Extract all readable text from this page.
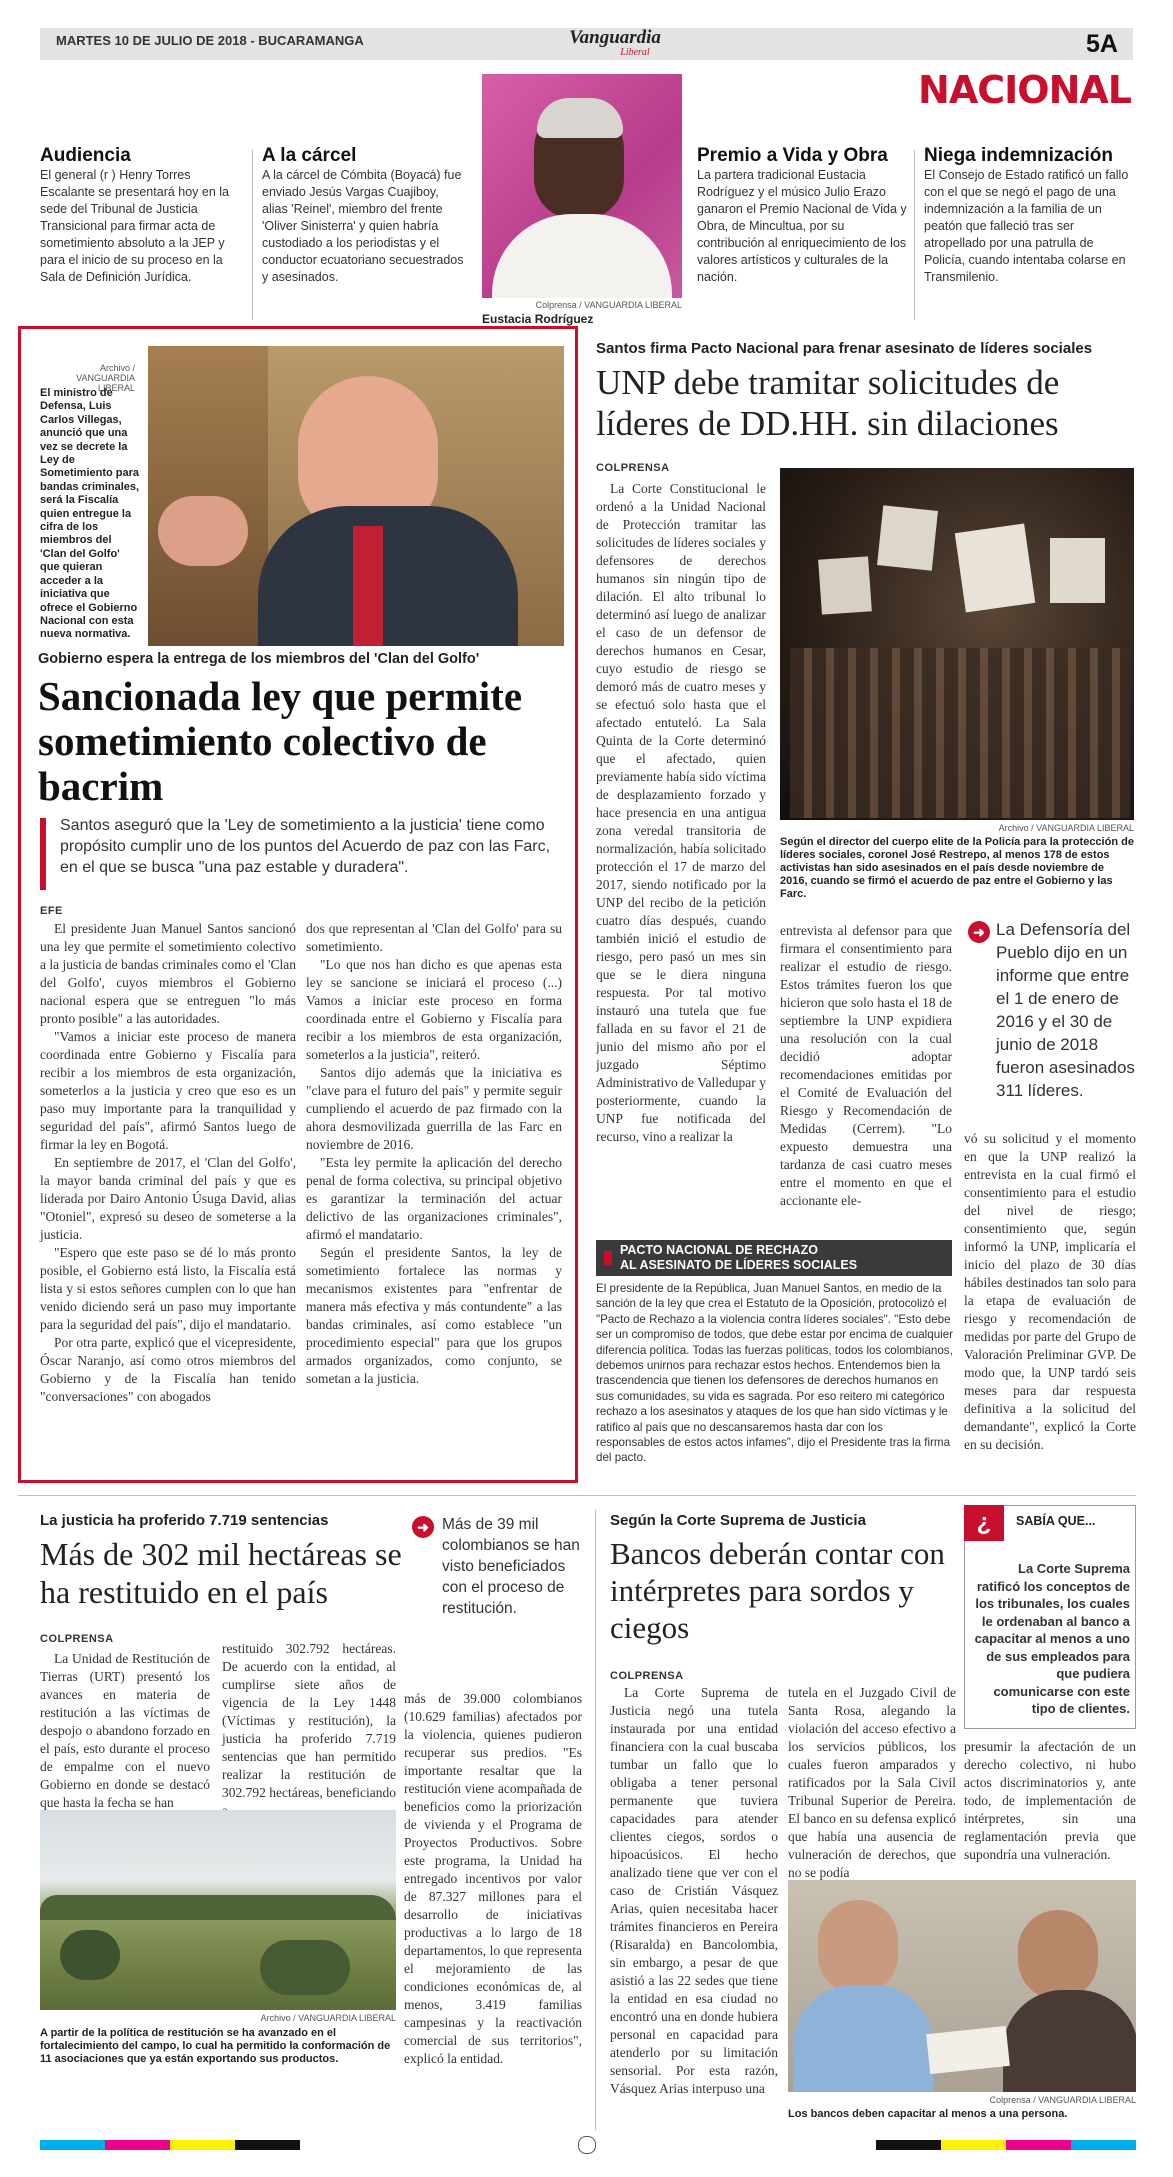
MARTES 10 DE JULIO DE 2018 - BUCARAMANGA	Vanguardia
Liberal	5A
NACIONAL
Audiencia
El general (r ) Henry Torres Escalante se presentará hoy en la sede del Tribunal de Justicia Transicional para firmar acta de sometimiento absoluto a la JEP y para el inicio de su proceso en la Sala de Definición Jurídica.
A la cárcel
A la cárcel de Cómbita (Boyacá) fue enviado Jesús Vargas Cuajiboy, alias 'Reinel', miembro del frente 'Oliver Sinisterra' y quien habría custodiado a los periodistas y el conductor ecuatoriano secuestrados y asesinados.
Colprensa / VANGUARDIA LIBERAL
Eustacia Rodríguez
Premio a Vida y Obra
La partera tradicional Eustacia Rodríguez y el músico Julio Erazo ganaron el Premio Nacional de Vida y Obra, de Mincultua, por su contribución al enriquecimiento de los valores artísticos y culturales de la nación.
Niega indemnización
El Consejo de Estado ratificó un fallo con el que se negó el pago de una indemnización a la familia de un peatón que falleció tras ser atropellado por una patrulla de Policía, cuando intentaba colarse en Transmilenio.
Archivo / VANGUARDIA LIBERAL
El ministro de Defensa, Luis Carlos Villegas, anunció que una vez se decrete la Ley de Sometimiento para bandas criminales, será la Fiscalía quien entregue la cifra de los miembros del 'Clan del Golfo' que quieran acceder a la iniciativa que ofrece el Gobierno Nacional con esta nueva normativa.
Gobierno espera la entrega de los miembros del 'Clan del Golfo'
Sancionada ley que permite sometimiento colectivo de bacrim
Santos aseguró que la 'Ley de sometimiento a la justicia' tiene como propósito cumplir uno de los puntos del Acuerdo de paz con las Farc, en el que se busca "una paz estable y duradera".
EFE

El presidente Juan Manuel Santos sancionó una ley que permite el sometimiento colectivo a la justicia de bandas criminales como el 'Clan del Golfo', cuyos miembros el Gobierno nacional espera que se entreguen "lo más pronto posible" a las autoridades.

"Vamos a iniciar este proceso de manera coordinada entre Gobierno y Fiscalía para recibir a los miembros de esta organización, someterlos a la justicia y creo que eso es un paso muy importante para la tranquilidad y seguridad del país", afirmó Santos luego de firmar la ley en Bogotá.

En septiembre de 2017, el 'Clan del Golfo', la mayor banda criminal del país y que es liderada por Dairo Antonio Úsuga David, alias "Otoniel", expresó su deseo de someterse a la justicia.

"Espero que este paso se dé lo más pronto posible, el Gobierno está listo, la Fiscalía está lista y si estos señores cumplen con lo que han venido diciendo será un paso muy importante para la seguridad del país", dijo el mandatario.

Por otra parte, explicó que el vicepresidente, Óscar Naranjo, así como otros miembros del Gobierno y de la Fiscalía han tenido "conversaciones" con abogados

dos que representan al 'Clan del Golfo' para su sometimiento.

"Lo que nos han dicho es que apenas esta ley se sancione se iniciará el proceso (...) Vamos a iniciar este proceso en forma coordinada entre el Gobierno y Fiscalía para recibir a los miembros de esta organización, someterlos a la justicia", reiteró.

Santos dijo además que la iniciativa es "clave para el futuro del país" y permite seguir cumpliendo el acuerdo de paz firmado con la ahora desmovilizada guerrilla de las Farc en noviembre de 2016.

"Esta ley permite la aplicación del derecho penal de forma colectiva, su principal objetivo es garantizar la terminación del actuar delictivo de las organizaciones criminales", afirmó el mandatario.

Según el presidente Santos, la ley de sometimiento fortalece las normas y mecanismos existentes para "enfrentar de manera más efectiva y más contundente" a las bandas criminales, así como establece "un procedimiento especial" para que los grupos armados organizados, como conjunto, se sometan a la justicia.

Santos firma Pacto Nacional para frenar asesinato de líderes sociales
UNP debe tramitar solicitudes de líderes de DD.HH. sin dilaciones
COLPRENSA
La Corte Constitucional le ordenó a la Unidad Nacional de Protección tramitar las solicitudes de líderes sociales y defensores de derechos humanos sin ningún tipo de dilación. El alto tribunal lo determinó así luego de analizar el caso de un defensor de derechos humanos en Cesar, cuyo estudio de riesgo se demoró más de cuatro meses y se efectuó solo hasta que el afectado entuteló. La Sala Quinta de la Corte determinó que el afectado, quien previamente había sido víctima de desplazamiento forzado y hace presencia en una antigua zona veredal transitoria de normalización, había solicitado protección el 17 de marzo del 2017, siendo notificado por la UNP del recibo de la petición cuatro días después, cuando también inició el estudio de riesgo, pero pasó un mes sin que se le diera ninguna respuesta. Por tal motivo instauró una tutela que fue fallada en su favor el 21 de junio del mismo año por el juzgado Séptimo Administrativo de Valledupar y posteriormente, cuando la UNP fue notificada del recurso, vino a realizar la
Archivo / VANGUARDIA LIBERAL
Según el director del cuerpo elite de la Policía para la protección de líderes sociales, coronel José Restrepo, al menos 178 de estos activistas han sido asesinados en el país desde noviembre de 2016, cuando se firmó el acuerdo de paz entre el Gobierno y las Farc.
entrevista al defensor para que firmara el consentimiento para realizar el estudio de riesgo. Estos trámites fueron los que hicieron que solo hasta el 18 de septiembre la UNP expidiera una resolución con la cual decidió adoptar recomendaciones emitidas por el Comité de Evaluación del Riesgo y Recomendación de Medidas (Cerrem). "Lo expuesto demuestra una tardanza de casi cuatro meses entre el momento en que el accionante ele-
➜ La Defensoría del Pueblo dijo en un informe que entre el 1 de enero de 2016 y el 30 de junio de 2018 fueron asesinados 311 líderes.
vó su solicitud y el momento en que la UNP realizó la entrevista en la cual firmó el consentimiento para el estudio del nivel de riesgo; consentimiento que, según informó la UNP, implicaría el inicio del plazo de 30 días hábiles destinados tan solo para la etapa de evaluación de riesgo y recomendación de medidas por parte del Grupo de Valoración Preliminar GVP. De modo que, la UNP tardó seis meses para dar respuesta definitiva a la solicitud del demandante", explicó la Corte en su decisión.
PACTO NACIONAL DE RECHAZO
AL ASESINATO DE LÍDERES SOCIALES
El presidente de la República, Juan Manuel Santos, en medio de la sanción de la ley que crea el Estatuto de la Oposición, protocolizó el "Pacto de Rechazo a la violencia contra líderes sociales". "Esto debe ser un compromiso de todos, que debe estar por encima de cualquier diferencia política. Todas las fuerzas políticas, todos los colombianos, debemos unirnos para rechazar estos hechos. Entendemos bien la trascendencia que tienen los defensores de derechos humanos en sus comunidades, su vida es sagrada. Por eso reitero mi categórico rechazo a los asesinatos y ataques de los que han sido víctimas y le ratifico al país que no descansaremos hasta dar con los responsables de estos actos infames", dijo el Presidente tras la firma del pacto.
La justicia ha proferido 7.719 sentencias
Más de 302 mil hectáreas se ha restituido en el país
COLPRENSA
La Unidad de Restitución de Tierras (URT) presentó los avances en materia de restitución a las víctimas de despojo o abandono forzado en el país, esto durante el proceso de empalme con el nuevo Gobierno en donde se destacó que hasta la fecha se han
restituido 302.792 hectáreas. De acuerdo con la entidad, al cumplirse siete años de vigencia de la Ley 1448 (Víctimas y restitución), la justicia ha proferido 7.719 sentencias que han permitido realizar la restitución de 302.792 hectáreas, beneficiando
➜ Más de 39 mil colombianos se han visto beneficiados con el proceso de restitución.
más de 39.000 colombianos (10.629 familias) afectados por la violencia, quienes pudieron recuperar sus predios. "Es importante resaltar que la restitución viene acompañada de beneficios como la priorización de vivienda y el Programa de Proyectos Productivos. Sobre este programa, la Unidad ha entregado incentivos por valor de 87.327 millones para el desarrollo de iniciativas productivas a lo largo de 18 departamentos, lo que representa el mejoramiento de las condiciones económicas de, al menos, 3.419 familias campesinas y la reactivación comercial de sus territorios", explicó la entidad.
Archivo / VANGUARDIA LIBERAL
A partir de la política de restitución se ha avanzado en el fortalecimiento del campo, lo cual ha permitido la conformación de 11 asociaciones que ya están exportando sus productos.
Según la Corte Suprema de Justicia
Bancos deberán contar con intérpretes para sordos y ciegos
COLPRENSA
La Corte Suprema de Justicia negó una tutela instaurada por una entidad financiera con la cual buscaba tumbar un fallo que lo obligaba a tener personal permanente que tuviera capacidades para atender clientes ciegos, sordos o hipoacúsicos. El hecho analizado tiene que ver con el caso de Cristián Vásquez Arias, quien necesitaba hacer trámites financieros en Pereira (Risaralda) en Bancolombia, sin embargo, a pesar de que asistió a las 22 sedes que tiene la entidad en esa ciudad no encontró una en donde hubiera personal en capacidad para atenderlo por su limitación sensorial. Por esta razón, Vásquez Arias interpuso una
tutela en el Juzgado Civil de Santa Rosa, alegando la violación del acceso efectivo a los servicios públicos, los cuales fueron amparados y ratificados por la Sala Civil Tribunal Superior de Pereira. El banco en su defensa explicó que había una ausencia de vulneración de derechos, que no se podía
¿	SABÍA QUE...
La Corte Suprema ratificó los conceptos de los tribunales, los cuales le ordenaban al banco a capacitar al menos a uno de sus empleados para que pudiera comunicarse con este tipo de clientes.
presumir la afectación de un derecho colectivo, ni hubo actos discriminatorios y, ante todo, de implementación de intérpretes, sin una reglamentación previa que supondría una vulneración.
Colprensa / VANGUARDIA LIBERAL
Los bancos deben capacitar al menos a una persona.
